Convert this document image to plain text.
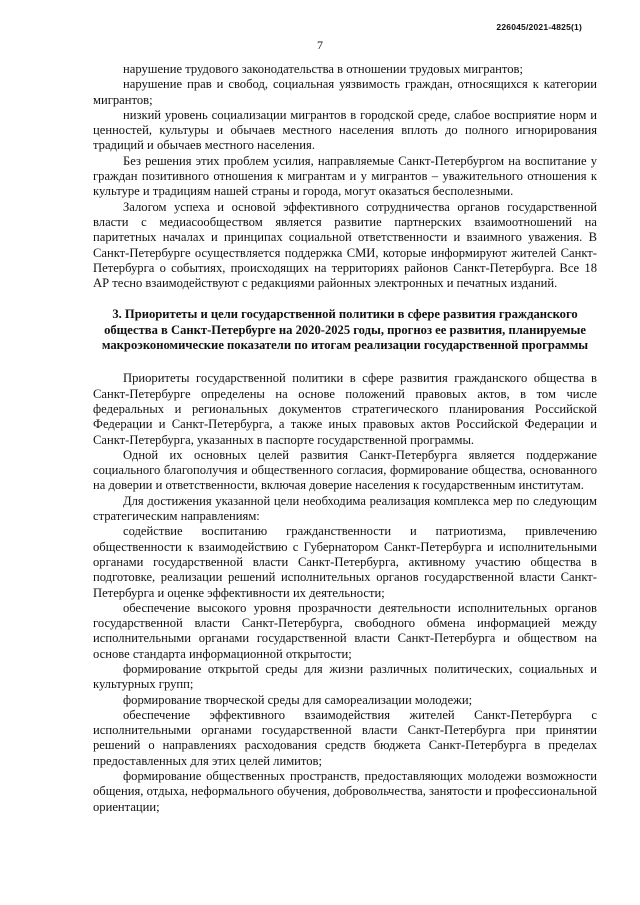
226045/2021-4825(1)
7

нарушение трудового законодательства в отношении трудовых мигрантов;

нарушение прав и свобод, социальная уязвимость граждан, относящихся к категории мигрантов;

низкий уровень социализации мигрантов в городской среде, слабое восприятие норм и ценностей, культуры и обычаев местного населения вплоть до полного игнорирования традиций и обычаев местного населения.

Без решения этих проблем усилия, направляемые Санкт-Петербургом на воспитание у граждан позитивного отношения к мигрантам и у мигрантов – уважительного отношения к культуре и традициям нашей страны и города, могут оказаться бесполезными.

Залогом успеха и основой эффективного сотрудничества органов государственной власти с медиасообществом является развитие партнерских взаимоотношений на паритетных началах и принципах социальной ответственности и взаимного уважения. В Санкт-Петербурге осуществляется поддержка СМИ, которые информируют жителей Санкт-Петербурга о событиях, происходящих на территориях районов Санкт-Петербурга. Все 18 АР тесно взаимодействуют с редакциями районных электронных и печатных изданий.

3. Приоритеты и цели государственной политики в сфере развития гражданского общества в Санкт-Петербурге на 2020-2025 годы, прогноз ее развития, планируемые макроэкономические показатели по итогам реализации государственной программы

Приоритеты государственной политики в сфере развития гражданского общества в Санкт-Петербурге определены на основе положений правовых актов, в том числе федеральных и региональных документов стратегического планирования Российской Федерации и Санкт-Петербурга, а также иных правовых актов Российской Федерации и Санкт-Петербурга, указанных в паспорте государственной программы.

Одной их основных целей развития Санкт-Петербурга является поддержание социального благополучия и общественного согласия, формирование общества, основанного на доверии и ответственности, включая доверие населения к государственным институтам.

Для достижения указанной цели необходима реализация комплекса мер по следующим стратегическим направлениям:

содействие воспитанию гражданственности и патриотизма, привлечению общественности к взаимодействию с Губернатором Санкт-Петербурга и исполнительными органами государственной власти Санкт-Петербурга, активному участию общества в подготовке, реализации решений исполнительных органов государственной власти Санкт-Петербурга и оценке эффективности их деятельности;

обеспечение высокого уровня прозрачности деятельности исполнительных органов государственной власти Санкт-Петербурга, свободного обмена информацией между исполнительными органами государственной власти Санкт-Петербурга и обществом на основе стандарта информационной открытости;

формирование открытой среды для жизни различных политических, социальных и культурных групп;

формирование творческой среды для самореализации молодежи;

обеспечение эффективного взаимодействия жителей Санкт-Петербурга с исполнительными органами государственной власти Санкт-Петербурга при принятии решений о направлениях расходования средств бюджета Санкт-Петербурга в пределах предоставленных для этих целей лимитов;

формирование общественных пространств, предоставляющих молодежи возможности общения, отдыха, неформального обучения, добровольчества, занятости и профессиональной ориентации;
